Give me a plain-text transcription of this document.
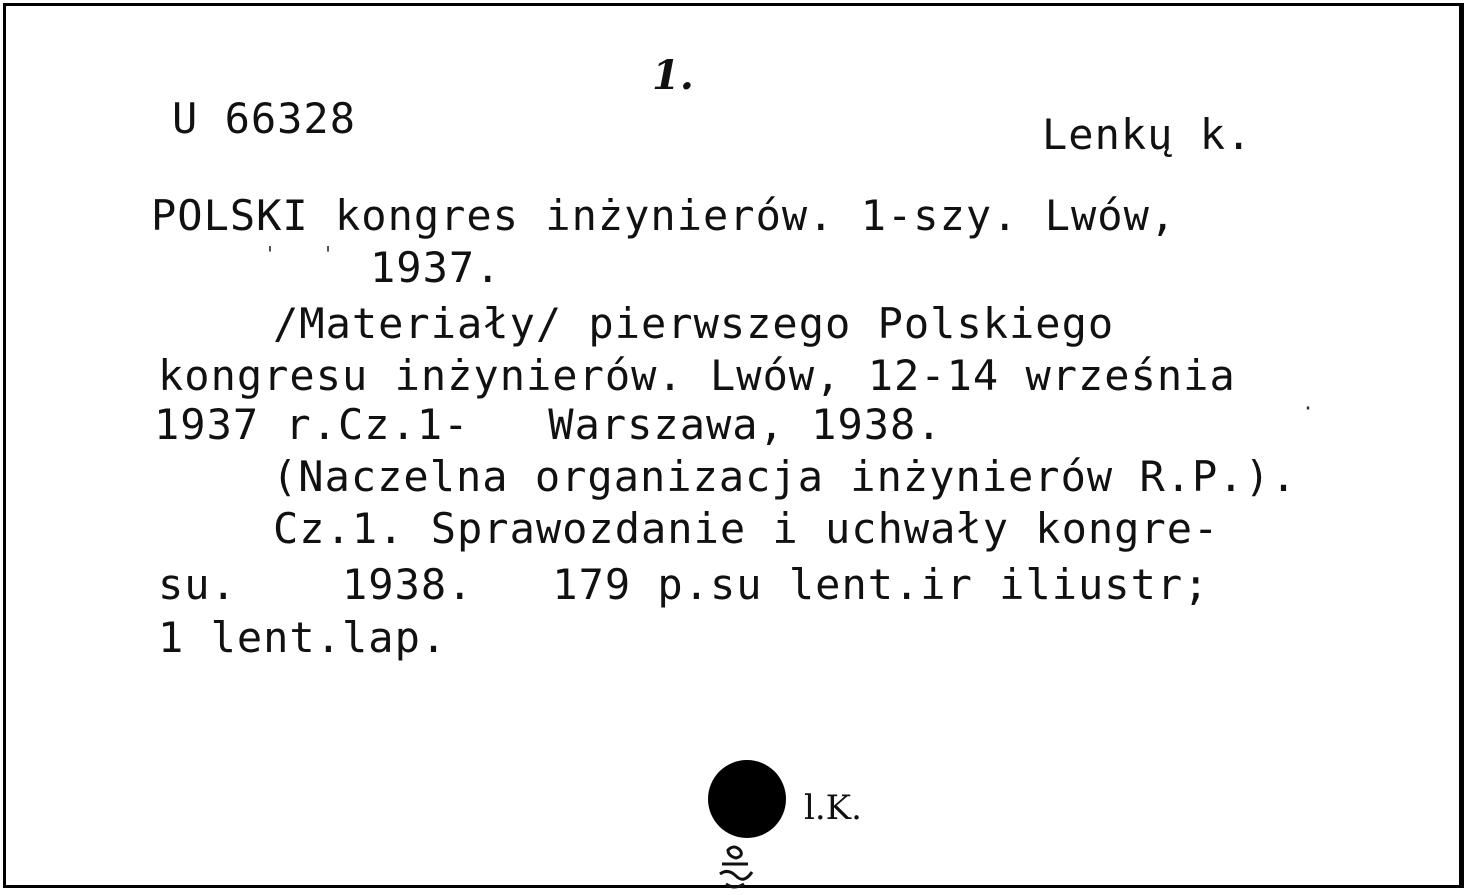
1.
U 66328	Lenkų k.
POLSKI kongres inżynierów. 1-szy. Lwów,
1937.
/Materiały/ pierwszego Polskiego
kongresu inżynierów. Lwów, 12-14 września
1937 r.Cz.1-   Warszawa, 1938.
(Naczelna organizacja inżynierów R.P.).
Cz.1. Sprawozdanie i uchwały kongre-
su.    1938.   179 p.su lent.ir iliustr;
1 lent.lap.
l.K.
' '
·
